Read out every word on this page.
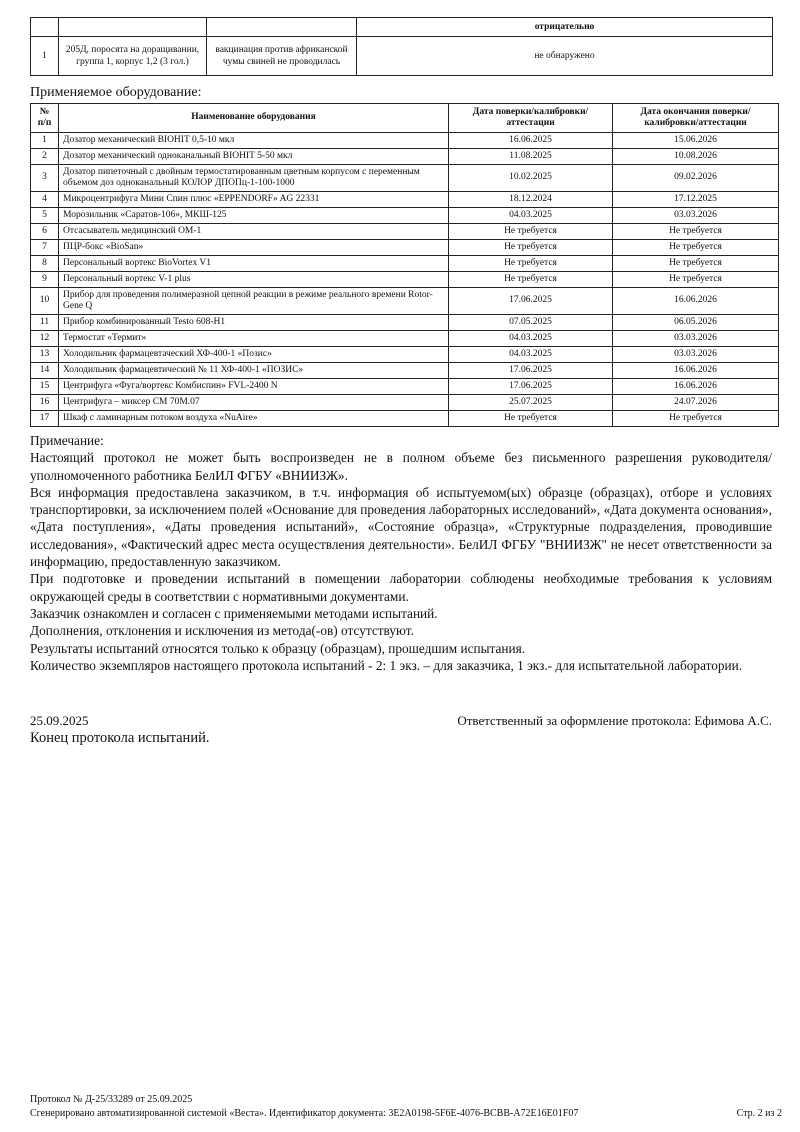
			отрицательно
1	205Д, поросята на доращивании, группа 1, корпус 1,2 (3 гол.)	вакцинация против африканской чумы свиней не проводилась	не обнаружено
Применяемое оборудование:
№ п/п	Наименование оборудования	Дата поверки/калибровки/аттестации	Дата окончания поверки/калибровки/аттестации
1	Дозатор механический BIOHIT 0,5-10 мкл	16.06.2025	15.06.2026
2	Дозатор механический одноканальный BIOHIT 5-50 мкл	11.08.2025	10.08.2026
3	Дозатор пипеточный с двойным термостатированным цветным корпусом с переменным объемом доз одноканальный КОЛОР ДПОПц-1-100-1000	10.02.2025	09.02.2026
4	Микроцентрифуга Мини Спин плюс «EPPENDORF» AG 22331	18.12.2024	17.12.2025
5	Морозильник «Саратов-106», МКШ-125	04.03.2025	03.03.2026
6	Отсасыватель медицинский ОМ-1	Не требуется	Не требуется
7	ПЦР-бокс «BioSan»	Не требуется	Не требуется
8	Персональный вортекс BioVortex V1	Не требуется	Не требуется
9	Персональный вортекс V-1 plus	Не требуется	Не требуется
10	Прибор для проведения полимеразной цепной реакции в режиме реального времени Rotor-Gene Q	17.06.2025	16.06.2026
11	Прибор комбинированный Testo 608-H1	07.05.2025	06.05.2026
12	Термостат «Термит»	04.03.2025	03.03.2026
13	Холодильник фармацевтачеcкий ХФ-400-1 «Позис»	04.03.2025	03.03.2026
14	Холодильник фармацевтический № 11 ХФ-400-1 «ПОЗИС»	17.06.2025	16.06.2026
15	Центрифуга «Фуга/вортекс Комбиспин» FVL-2400 N	17.06.2025	16.06.2026
16	Центрифуга – миксер СМ 70М.07	25.07.2025	24.07.2026
17	Шкаф с ламинарным потоком воздуха «NuAire»	Не требуется	Не требуется

Примечание:

Настоящий протокол не может быть воспроизведен не в полном объеме без письменного разрешения руководителя/уполномоченного работника БелИЛ ФГБУ «ВНИИЗЖ».

Вся информация предоставлена заказчиком, в т.ч. информация об испытуемом(ых) образце (образцах), отборе и условиях транспортировки, за исключением полей «Основание для проведения лабораторных исследований», «Дата документа основания», «Дата поступления», «Даты проведения испытаний», «Состояние образца», «Структурные подразделения, проводившие исследования», «Фактический адрес места осуществления деятельности». БелИЛ ФГБУ "ВНИИЗЖ" не несет ответственности за информацию, предоставленную заказчиком.

При подготовке и проведении испытаний в помещении лаборатории соблюдены необходимые требования к условиям окружающей среды в соответствии с нормативными документами.

Заказчик ознакомлен и согласен с применяемыми методами испытаний.

Дополнения, отклонения и исключения из метода(-ов) отсутствуют.

Результаты испытаний относятся только к образцу (образцам), прошедшим испытания.

Количество экземпляров настоящего протокола испытаний - 2: 1 экз. – для заказчика, 1 экз.- для испытательной лаборатории.

25.09.2025	Ответственный за оформление протокола: Ефимова А.С.
Конец протокола испытаний.
Протокол № Д-25/33289 от 25.09.2025
Сгенерировано автоматизированной системой «Веста». Идентификатор документа: 3E2A0198-5F6E-4076-BCBB-A72E16E01F07	Стр. 2 из 2
